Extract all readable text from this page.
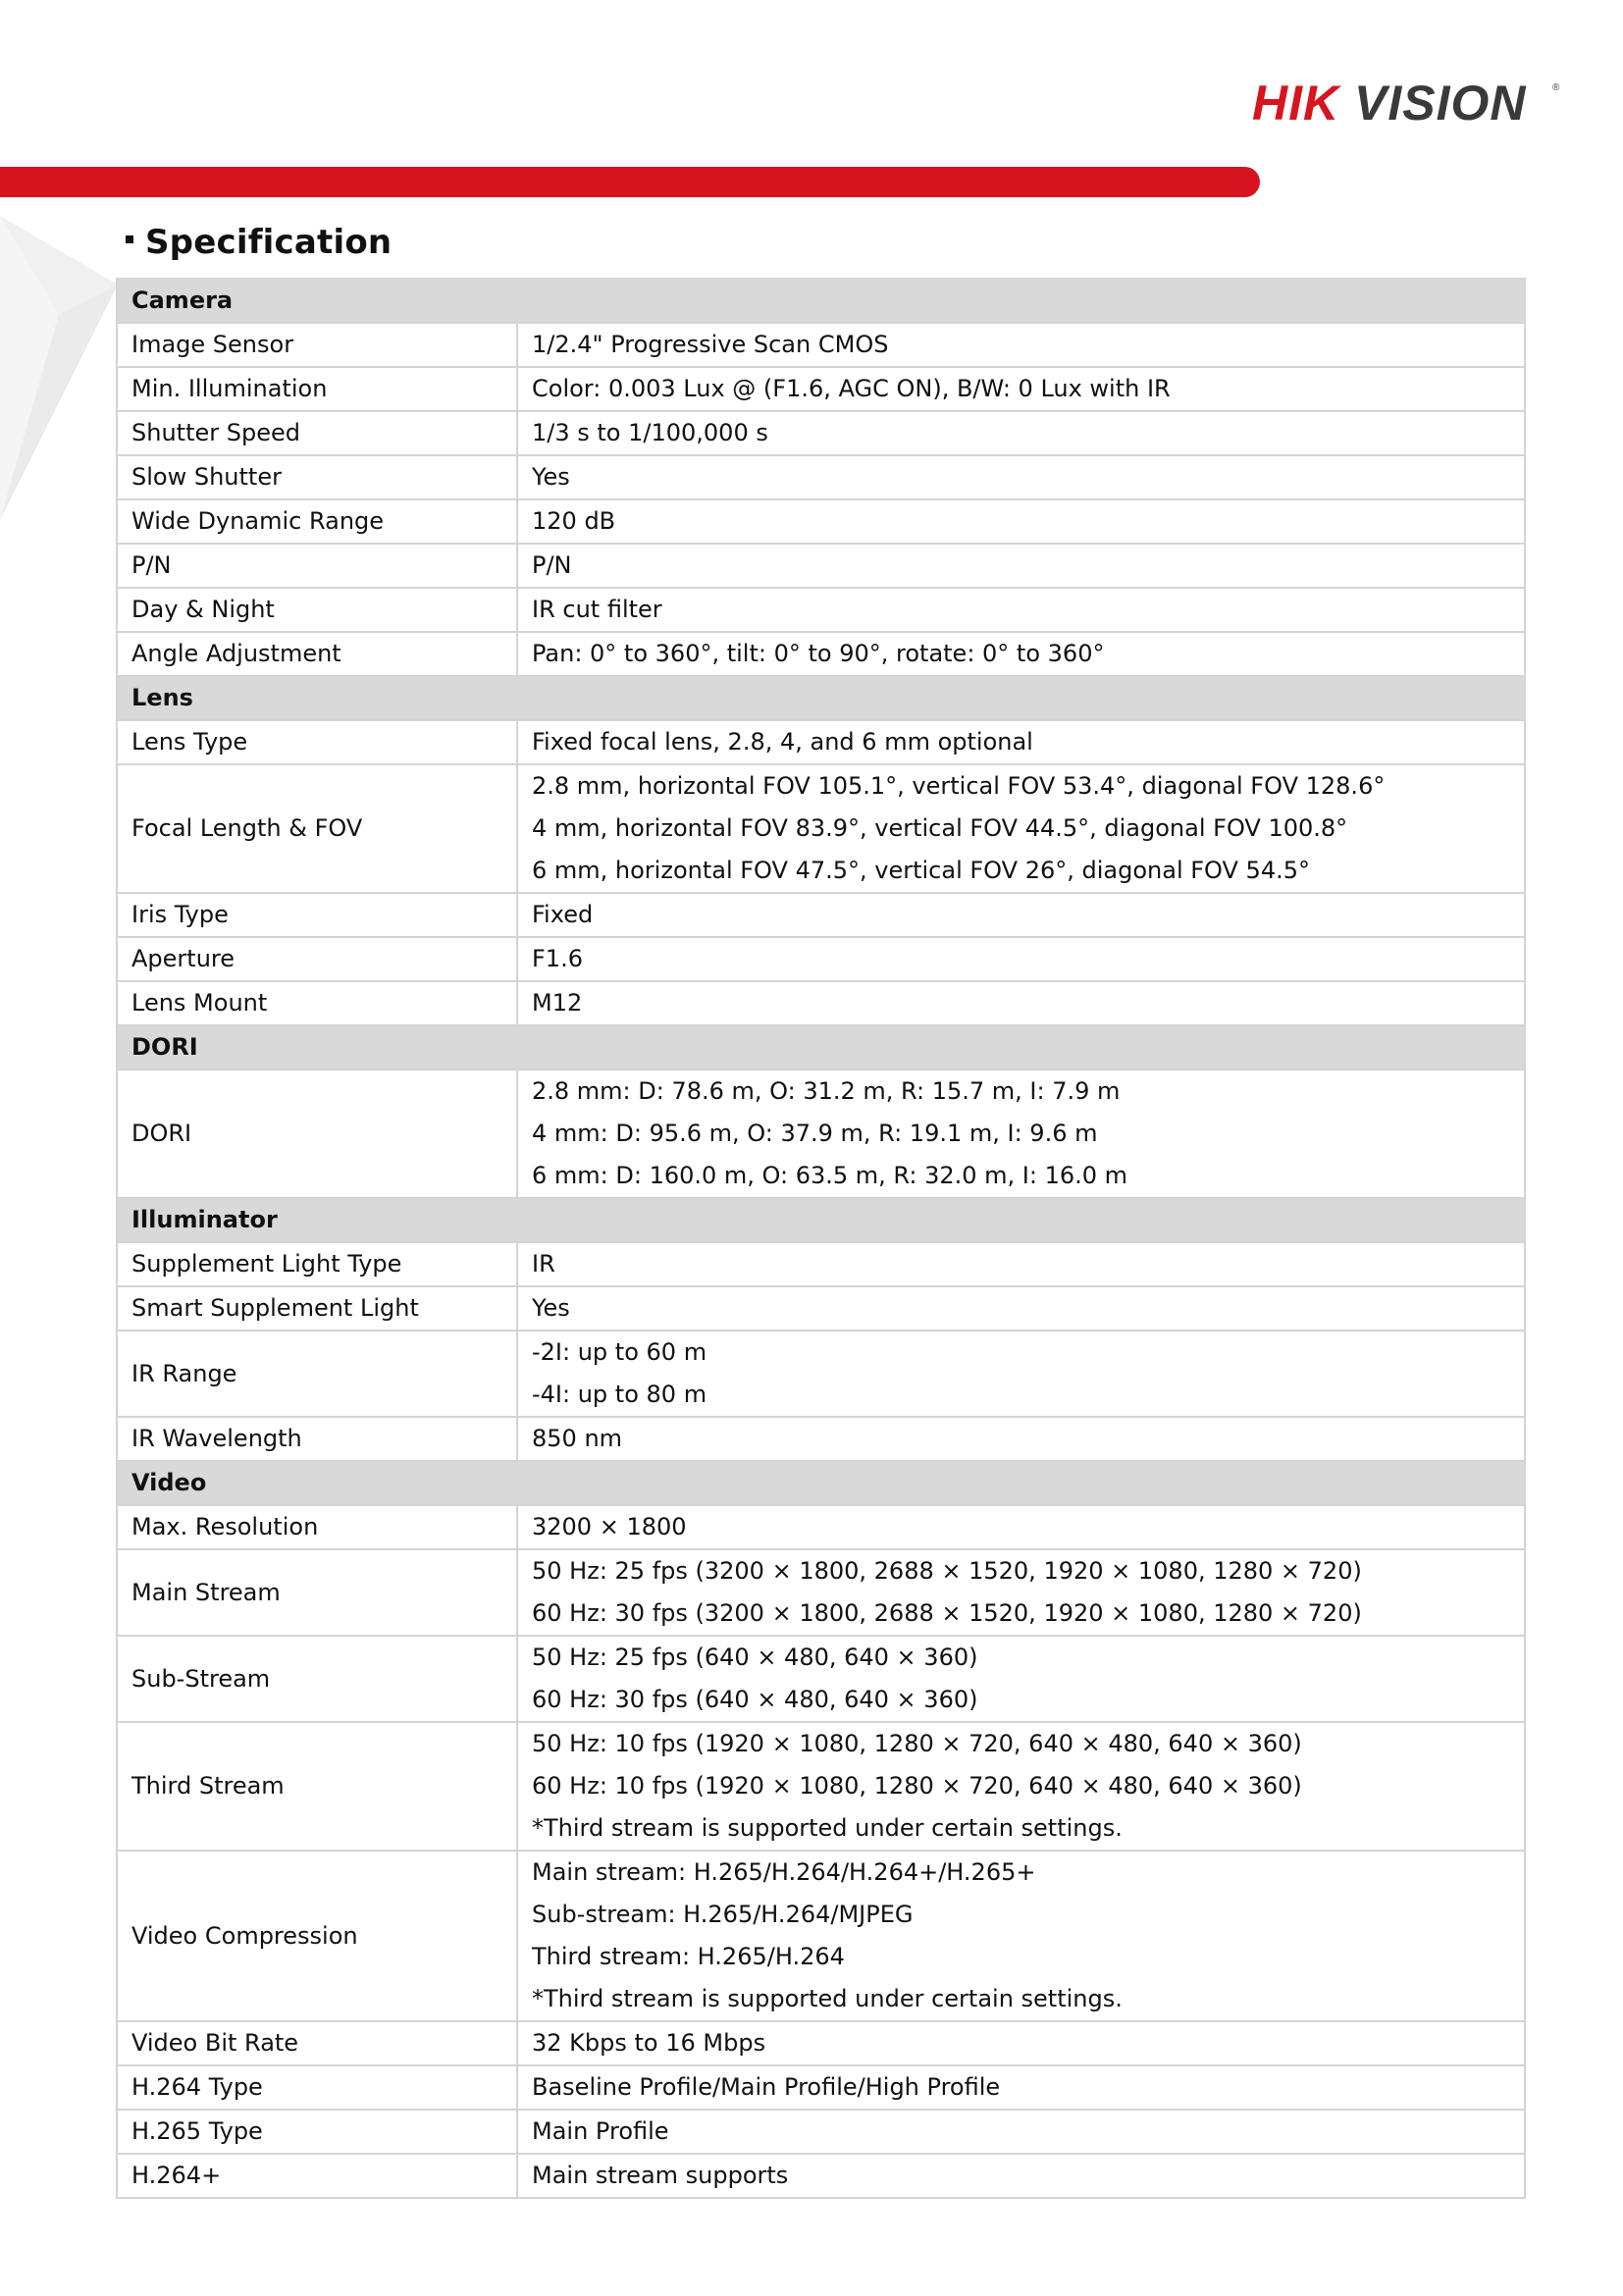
HIK VISION	®
Specification
Camera	
Image Sensor	1/2.4" Progressive Scan CMOS

Min. Illumination	Color: 0.003 Lux @ (F1.6, AGC ON), B/W: 0 Lux with IR

Shutter Speed	1/3 s to 1/100,000 s

Slow Shutter	Yes

Wide Dynamic Range	120 dB

P/N	P/N

Day & Night	IR cut filter

Angle Adjustment	Pan: 0° to 360°, tilt: 0° to 90°, rotate: 0° to 360°

Lens	
Lens Type	Fixed focal lens, 2.8, 4, and 6 mm optional

Focal Length & FOV	2.8 mm, horizontal FOV 105.1°, vertical FOV 53.4°, diagonal FOV 128.6°
4 mm, horizontal FOV 83.9°, vertical FOV 44.5°, diagonal FOV 100.8°
6 mm, horizontal FOV 47.5°, vertical FOV 26°, diagonal FOV 54.5°

Iris Type	Fixed

Aperture	F1.6

Lens Mount	M12

DORI	
DORI	2.8 mm: D: 78.6 m, O: 31.2 m, R: 15.7 m, I: 7.9 m
4 mm: D: 95.6 m, O: 37.9 m, R: 19.1 m, I: 9.6 m
6 mm: D: 160.0 m, O: 63.5 m, R: 32.0 m, I: 16.0 m

Illuminator	
Supplement Light Type	IR

Smart Supplement Light	Yes

IR Range	-2I: up to 60 m
-4I: up to 80 m

IR Wavelength	850 nm

Video	
Max. Resolution	3200 × 1800

Main Stream	50 Hz: 25 fps (3200 × 1800, 2688 × 1520, 1920 × 1080, 1280 × 720)
60 Hz: 30 fps (3200 × 1800, 2688 × 1520, 1920 × 1080, 1280 × 720)

Sub-Stream	50 Hz: 25 fps (640 × 480, 640 × 360)
60 Hz: 30 fps (640 × 480, 640 × 360)

Third Stream	50 Hz: 10 fps (1920 × 1080, 1280 × 720, 640 × 480, 640 × 360)
60 Hz: 10 fps (1920 × 1080, 1280 × 720, 640 × 480, 640 × 360)
*Third stream is supported under certain settings.

Video Compression	Main stream: H.265/H.264/H.264+/H.265+
Sub-stream: H.265/H.264/MJPEG
Third stream: H.265/H.264
*Third stream is supported under certain settings.

Video Bit Rate	32 Kbps to 16 Mbps

H.264 Type	Baseline Profile/Main Profile/High Profile

H.265 Type	Main Profile

H.264+	Main stream supports
